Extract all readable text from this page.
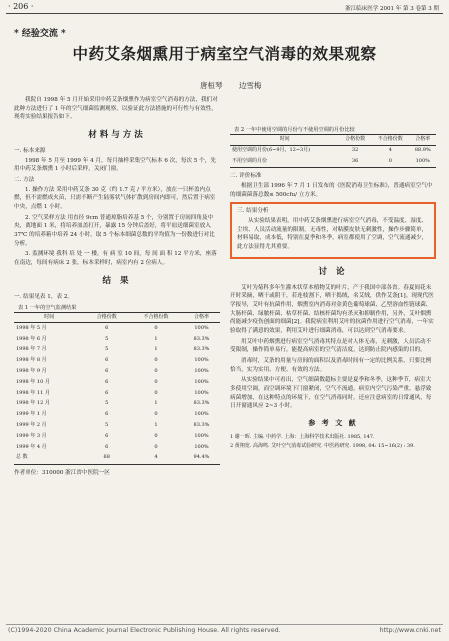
· 206 ·	浙江临床医学 2001 年 第 3 卷第 3 期
* 经验交流 *
中药艾条烟熏用于病室空气消毒的效果观察
唐桓琴 边雪梅

我院自 1998 年 5 月开始采用中药艾条烟熏作为病室空气消毒的方法，我们对此种方法进行了 1 年的空气细菌监测观察，以验证此方法措施的可行性与有效性，现将实验结果报告如下。

材料与方法

一. 标本来源

1998 年 5 月至 1999 年 4 月，每月抽样采集空气标本 6 次，每次 5 个，先用中药艾条烟熏 1 小时后采样，关闭门窗。

二. 方法

1. 操作方法 采用中药艾条 30 克（约 1.7 克 / 平方米），放在一只杯盖内点燃，但不需燃成火苗，只需不断产生陆雾状气体扩散到房间内即可，然后置于病室中央，点燃 1 小时。

2. 空气采样方法 用直径 9cm 普通琼脂培养基 5 个，分别置于房间四角及中央，离地面 1 米，将培养皿盖打开，暴露 15 分钟后盖好，将平皿送细菌室放入 37℃ 的培养箱中培养 24 小时，取 5 个标本细菌总数的平均值为一份数进行对比分析。

3. 监测环境 我科 培 处 一 楼，有 病 室 10 间，每 间 面 积 12 平方米，座落在南边，每间有病床 2 张，标本采样时，病室内有 2 位病人。

结 果

一. 结果见表 1，表 2。

表 1 一年的空气监测结果
时间	合格份数	不合格份数	合格率
1998 年 5 月	6	0	100%
1998 年 6 月	5	1	83.3%
1998 年 7 月	5	1	83.3%
1998 年 8 月	6	0	100%
1998 年 9 月	6	0	100%
1998 年 10 月	6	0	100%
1998 年 11 月	6	0	100%
1998 年 12 月	5	1	83.3%
1999 年 1 月	6	0	100%
1999 年 2 月	5	1	83.3%
1999 年 3 月	6	0	100%
1999 年 4 月	6	0	100%
总 数	68	4	94.4%

作者单位：310000 浙江省中医院一区

表 2 一年中使用空调的月份与不使用空调的月份比较
时间	合格份数	不合格份数	合格率
使用空调的月份(6~9月，12~3月)	32	4	88.9%
不用空调的月份	36	0	100%

二. 评价标准

根据卫生部 1996 年 7 月 1 日发布的《医院消毒卫生标准》，普通病室空气中的细菌菌落总数≤ 500cfu/ 立方米。

三. 结果分析

从实验结果表明，用中药艾条烟熏进行病室空气消毒，不受温度、湿度、尘埃、人员活动流量的限制，无毒性，对粘膜皮肤无刺激性，操作步骤简单，材料易取，成本低，特别在夏季和冬季，病室都使用了空调，空气流通减少，此方法显得尤其重要。

讨 论

艾叶为菊科多年生灌木状草本植物艾的叶片，产于我国中部各省。春夏间花未开时采摘，晒干或阴干，若连枝割下，晒干捣绒，名艾绒，供作艾条[1]。现现代医学报导，艾叶有抗菌作用，烟熏室内消毒对金黄色葡萄球菌、乙型溶血性链球菌、大肠杆菌、绿脓杆菌、枯草杆菌、结核杆菌均有杀灭和抑制作用，另外，艾叶烟熏尚能减少疫伤创面的细菌[2]。我院病室利用艾叶的抗菌作用进行空气消毒，一年实验取得了满意的效果，利用艾叶进行细菌消毒，可以达到空气消毒要求。

用艾叶中药烟熏进行病室空气消毒其特点是对人体无毒，无刺激，人员活动不受限制，操作简单易行，能提高病室的空气清洁度，达到防止院内感染的目的。

消毒时，艾条的用量与房间的面积以及消毒时间有一定的比例关系，只要比例恰当，实为实用、方便、有效的方法。

从实验结果中可看出，空气细菌数超标主要是夏季和冬季，这种季节，病室大多使用空调，而空调环境下门窗紧闭，空气不流通，病室内空气污染严重，悬浮致病菌增加，在这种特点的环境下，在空气消毒同时，还应注意病室的日常通风，每日开窗通风应 2~3 小时。

参 考 文 献

1 谢一晖. 主编. 中药学. 上海：上海科学技术出版社. 1985, 147.

2 黄翔宽. 高海鸣. 艾叶空气消毒试验研究. 中医药研究. 1998, 04: 15~16(2) : 39.

(C)1994-2020 China Academic Journal Electronic Publishing House. All rights reserved.	http://www.cnki.net
